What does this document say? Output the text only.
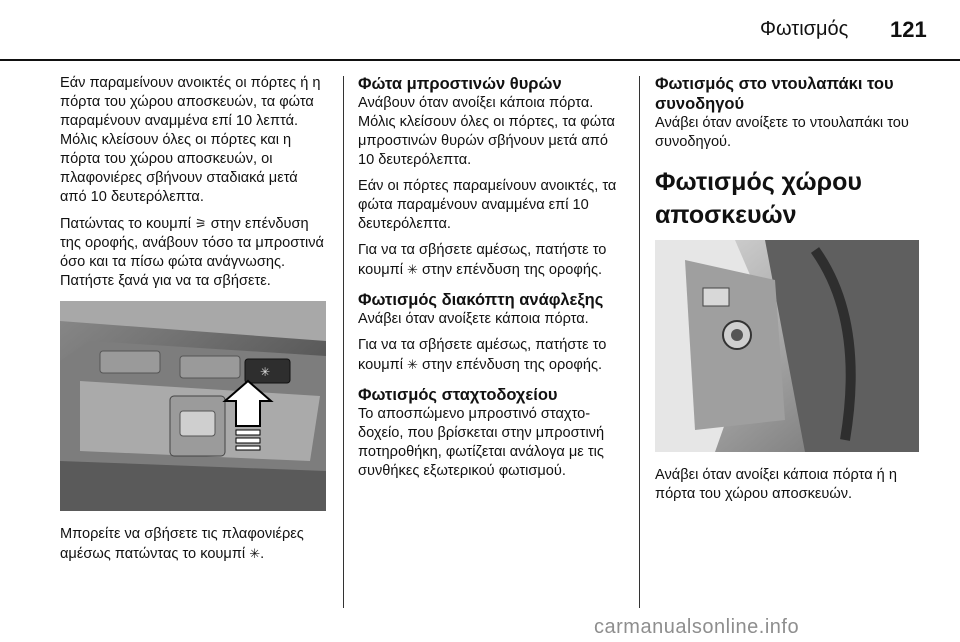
Φωτισμός 121

Εάν παραμείνουν ανοικτές οι πόρτες ή η πόρτα του χώρου αποσκευών, τα φώτα παραμένουν αναμμένα επί 10 λεπτά. Μόλις κλείσουν όλες οι πόρτες και η πόρτα του χώρου αποσκευών, οι πλαφονιέρες σβήνουν σταδιακά μετά από 10 δευτερόλεπτα.

Πατώντας το κουμπί ⚞ στην επένδυση της οροφής, ανάβουν τόσο τα μπροστινά όσο και τα πίσω φώτα ανάγνωσης. Πατήστε ξανά για να τα σβήσετε.

✳

Μπορείτε να σβήσετε τις πλαφονιέρες αμέσως πατώντας το κουμπί ✳.

Φώτα μπροστινών θυρών

Ανάβουν όταν ανοίξει κάποια πόρτα. Μόλις κλείσουν όλες οι πόρτες, τα φώτα μπροστινών θυρών σβήνουν μετά από 10 δευτερόλεπτα.

Εάν οι πόρτες παραμείνουν ανοικτές, τα φώτα παραμένουν αναμμένα επί 10 δευτερόλεπτα.

Για να τα σβήσετε αμέσως, πατήστε το κουμπί ✳ στην επένδυση της οροφής.

Φωτισμός διακόπτη ανάφλεξης

Ανάβει όταν ανοίξετε κάποια πόρτα.

Για να τα σβήσετε αμέσως, πατήστε το κουμπί ✳ στην επένδυση της οροφής.

Φωτισμός σταχτοδοχείου

Το αποσπώμενο μπροστινό σταχτοδοχείο, που βρίσκεται στην μπροστινή ποτηροθήκη, φωτίζεται ανάλογα με τις συνθήκες εξωτερικού φωτισμού.

Φωτισμός στο ντουλαπάκι του συνοδηγού

Ανάβει όταν ανοίξετε το ντουλαπάκι του συνοδηγού.

Φωτισμός χώρου αποσκευών

Ανάβει όταν ανοίξει κάποια πόρτα ή η πόρτα του χώρου αποσκευών.

carmanualsonline.info
